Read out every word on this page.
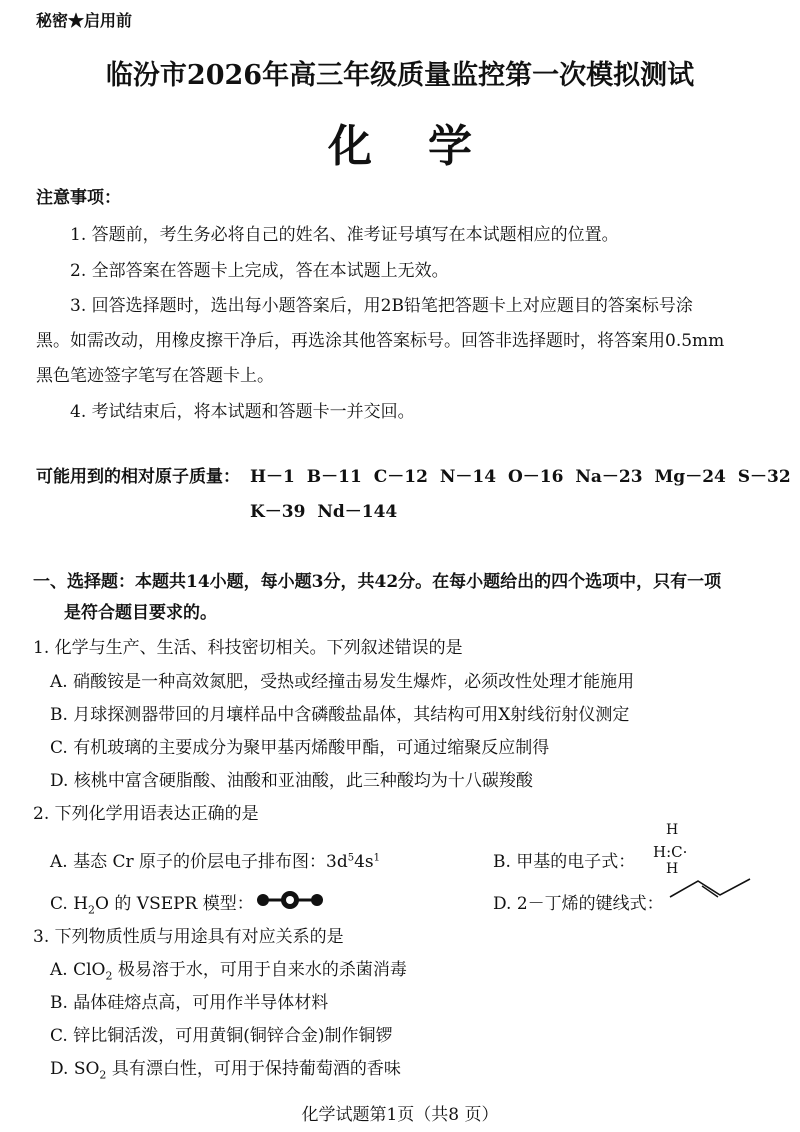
秘密★启用前
临汾市2026年高三年级质量监控第一次模拟测试
化 学
注意事项：
1. 答题前，考生务必将自己的姓名、准考证号填写在本试题相应的位置。
2. 全部答案在答题卡上完成，答在本试题上无效。
3. 回答选择题时，选出每小题答案后，用2B铅笔把答题卡上对应题目的答案标号涂
黑。如需改动，用橡皮擦干净后，再选涂其他答案标号。回答非选择题时，将答案用0.5mm
黑色笔迹签字笔写在答题卡上。
4. 考试结束后，将本试题和答题卡一并交回。
可能用到的相对原子质量： H－1 B－11 C－12 N－14 O－16 Na－23 Mg－24 S－32
K－39 Nd－144
一、选择题：本题共14小题，每小题3分，共42分。在每小题给出的四个选项中，只有一项
是符合题目要求的。
1. 化学与生产、生活、科技密切相关。下列叙述错误的是
A. 硝酸铵是一种高效氮肥，受热或经撞击易发生爆炸，必须改性处理才能施用
B. 月球探测器带回的月壤样品中含磷酸盐晶体，其结构可用X射线衍射仪测定
C. 有机玻璃的主要成分为聚甲基丙烯酸甲酯，可通过缩聚反应制得
D. 核桃中富含硬脂酸、油酸和亚油酸，此三种酸均为十八碳羧酸
2. 下列化学用语表达正确的是
A. 基态 Cr 原子的价层电子排布图：$3d^54s^1$	B. 甲基的电子式：
H
H:C·
H
C. $H_2O$ 的 VSEPR 模型：	D. 2－丁烯的键线式：
3. 下列物质性质与用途具有对应关系的是
A. ClO$_2$ 极易溶于水，可用于自来水的杀菌消毒
B. 晶体硅熔点高，可用作半导体材料
C. 锌比铜活泼，可用黄铜(铜锌合金)制作铜锣
D. $SO_2$ 具有漂白性，可用于保持葡萄酒的香味
化学试题第1页（共8 页）
